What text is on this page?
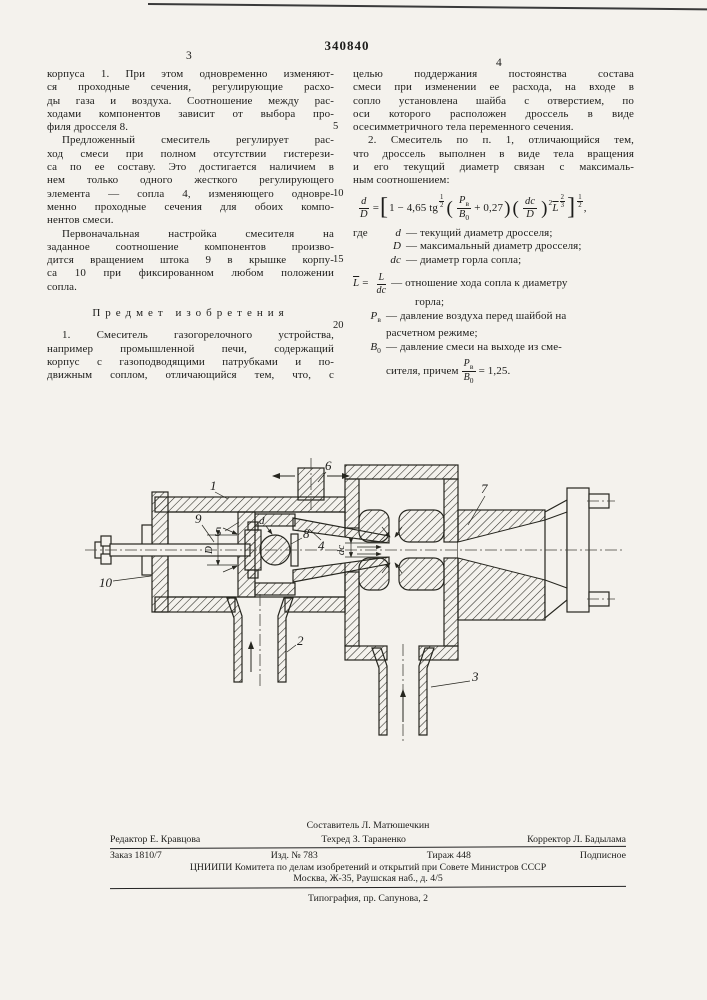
340840
3
4
5
10
15
20
корпуса 1. При этом одновременно изменяют-
ся проходные сечения, регулирующие расхо-
ды газа и воздуха. Соотношение между рас-
ходами компонентов зависит от выбора про-
филя дросселя 8.
Предложенный смеситель регулирует рас-
ход смеси при полном отсутствии гистерези-
са по ее составу. Это достигается наличием в
нем только одного жесткого регулирующего
элемента — сопла 4, изменяющего одновре-
менно проходные сечения для обоих компо-
нентов смеси.
Первоначальная настройка смесителя на
заданное соотношение компонентов произво-
дится вращением штока 9 в крышке корпу-
са 10 при фиксированном любом положении
сопла.
Предмет изобретения
1. Смеситель газогорелочного устройства,
например промышленной печи, содержащий
корпус с газоподводящими патрубками и по-
движным соплом, отличающийся тем, что, с
целью поддержания постоянства состава
смеси при изменении ее расхода, на входе в
сопло установлена шайба с отверстием, по
оси которого расположен дроссель в виде
осесимметричного тела переменного сечения.
2. Смеситель по п. 1, отличающийся тем,
что дроссель выполнен в виде тела вращения
и его текущий диаметр связан с максималь-
ным соотношением:
$\frac{d}{D}$ = [ 1 − 4,65 tg
1
2 ( $\frac{P_в}{B_0} + 0,27$ ) ( $\frac{dc}{D} )^2$ $\overline{L}$
2
3 ] 1
2 ,
где	d — текущий диаметр дросселя;
D — максимальный диаметр дросселя;
dc — диаметр горла сопла;
$\overline{L} = \frac{L}{dc}$ — отношение хода сопла к диаметру
горла;
$P_в$ — давление воздуха перед шайбой на
расчетном режиме;
$B_0$ — давление смеси на выходе из сме-
сителя, причем $\frac{P_в}{B_0} = 1,25$.
dc
D
1
5
9
10
8
4
6
7
2
3
d
Составитель Л. Матюшечкин
Редактор Е. Кравцова	Техред З. Тараненко	Корректор Л. Бадылама
Заказ 1810/7	Изд. № 783	Тираж 448	Подписное
ЦНИИПИ Комитета по делам изобретений и открытий при Совете Министров СССР
Москва, Ж-35, Раушская наб., д. 4/5
Типография, пр. Сапунова, 2
